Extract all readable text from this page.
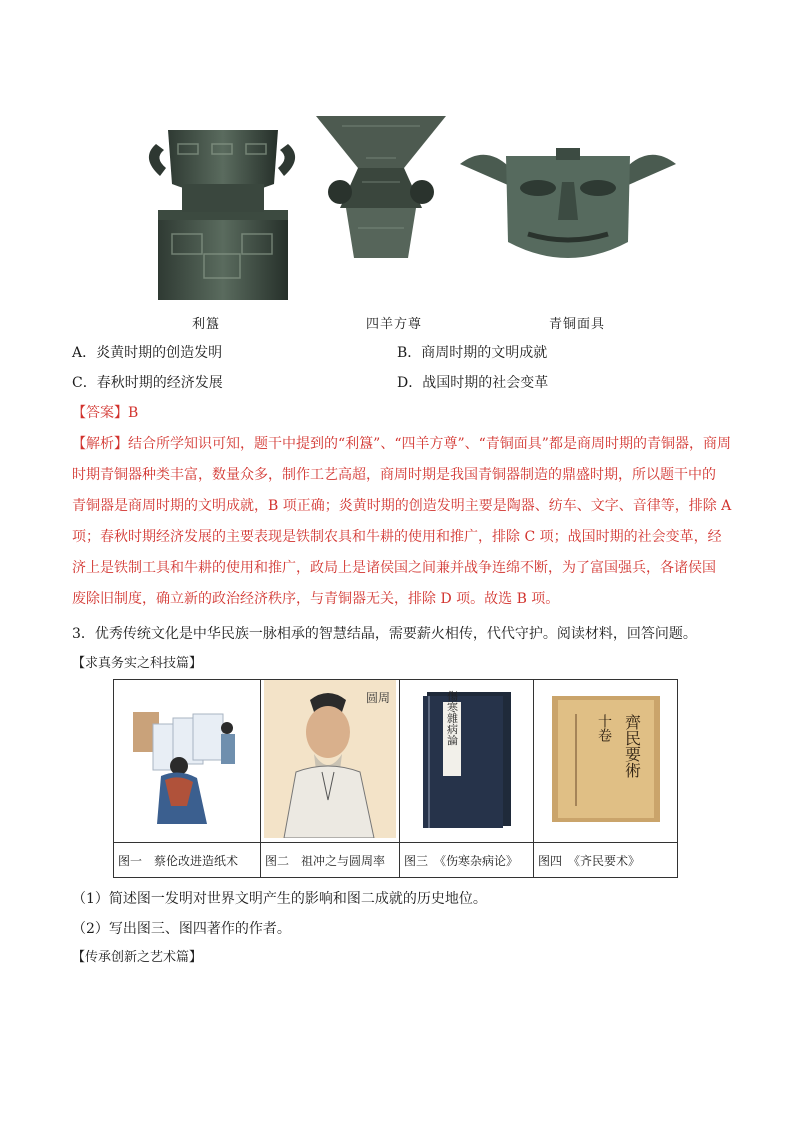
利簋	四羊方尊	青铜面具
A．炎黄时期的创造发明	B．商周时期的文明成就
C．春秋时期的经济发展	D．战国时期的社会变革
【答案】B

【解析】结合所学知识可知，题干中提到的“利簋”、“四羊方尊”、“青铜面具”都是商周时期的青铜器，商周

时期青铜器种类丰富，数量众多，制作工艺高超，商周时期是我国青铜器制造的鼎盛时期，所以题干中的

青铜器是商周时期的文明成就，B 项正确；炎黄时期的创造发明主要是陶器、纺车、文字、音律等，排除 A

项；春秋时期经济发展的主要表现是铁制农具和牛耕的使用和推广，排除 C 项；战国时期的社会变革，经

济上是铁制工具和牛耕的使用和推广，政局上是诸侯国之间兼并战争连绵不断，为了富国强兵，各诸侯国

废除旧制度，确立新的政治经济秩序，与青铜器无关，排除 D 项。故选 B 项。

3．优秀传统文化是中华民族一脉相承的智慧结晶，需要薪火相传，代代守护。阅读材料，回答问题。
【求真务实之科技篇】

圆周	傷寒雜病論	齊民要術
十卷

图一　蔡伦改进造纸术	图二　祖冲之与圆周率	图三　《伤寒杂病论》	图四　《齐民要术》
（1）简述图一发明对世界文明产生的影响和图二成就的历史地位。
（2）写出图三、图四著作的作者。
【传承创新之艺术篇】
